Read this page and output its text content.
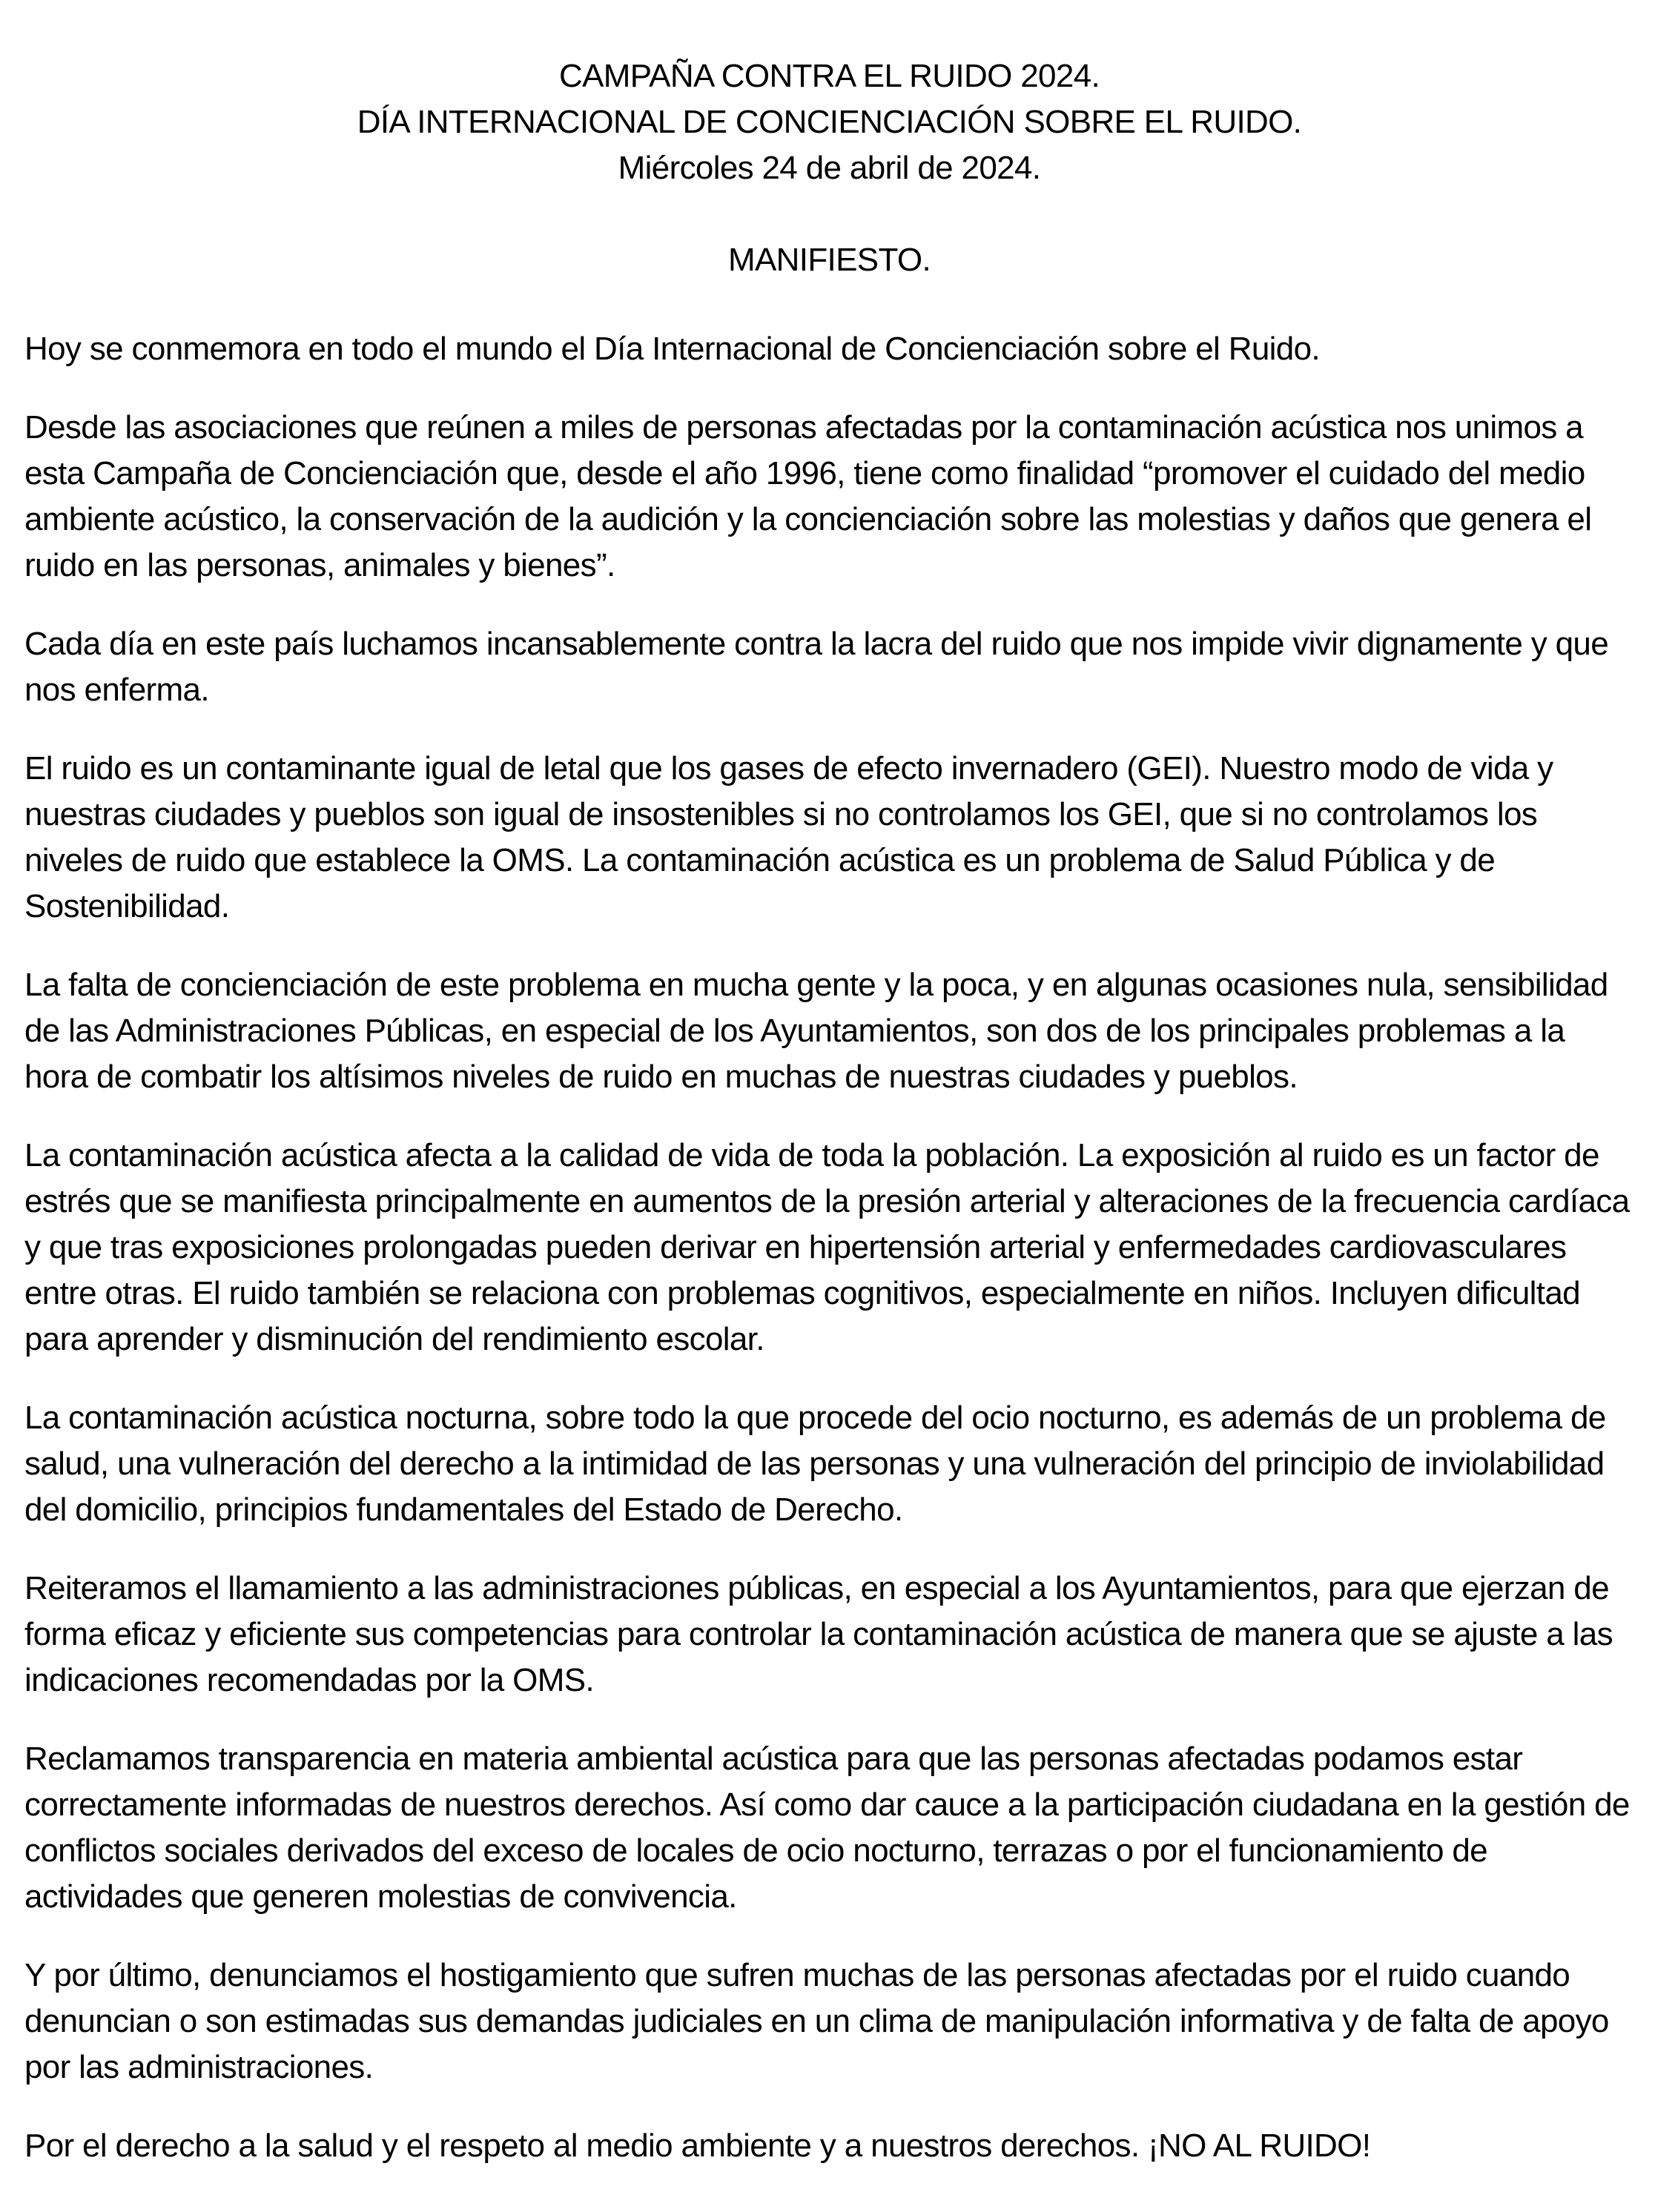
CAMPAÑA CONTRA EL RUIDO 2024.

DÍA INTERNACIONAL DE CONCIENCIACIÓN SOBRE EL RUIDO.

Miércoles 24 de abril de 2024.

MANIFIESTO.

Hoy se conmemora en todo el mundo el Día Internacional de Concienciación sobre el Ruido.

Desde las asociaciones que reúnen a miles de personas afectadas por la contaminación acústica nos unimos a esta Campaña de Concienciación que, desde el año 1996, tiene como finalidad “promover el cuidado del medio ambiente acústico, la conservación de la audición y la concienciación sobre las molestias y daños que genera el ruido en las personas, animales y bienes”.

Cada día en este país luchamos incansablemente contra la lacra del ruido que nos impide vivir dignamente y que nos enferma.

El ruido es un contaminante igual de letal que los gases de efecto invernadero (GEI). Nuestro modo de vida y nuestras ciudades y pueblos son igual de insostenibles si no controlamos los GEI, que si no controlamos los niveles de ruido que establece la OMS. La contaminación acústica es un problema de Salud Pública y de Sostenibilidad.

La falta de concienciación de este problema en mucha gente y la poca, y en algunas ocasiones nula, sensibilidad de las Administraciones Públicas, en especial de los Ayuntamientos, son dos de los principales problemas a la hora de combatir los altísimos niveles de ruido en muchas de nuestras ciudades y pueblos.

La contaminación acústica afecta a la calidad de vida de toda la población. La exposición al ruido es un factor de estrés que se manifiesta principalmente en aumentos de la presión arterial y alteraciones de la frecuencia cardíaca y que tras exposiciones prolongadas pueden derivar en hipertensión arterial y enfermedades cardiovasculares entre otras. El ruido también se relaciona con problemas cognitivos, especialmente en niños. Incluyen dificultad para aprender y disminución del rendimiento escolar.

La contaminación acústica nocturna, sobre todo la que procede del ocio nocturno, es además de un problema de salud, una vulneración del derecho a la intimidad de las personas y una vulneración del principio de inviolabilidad del domicilio, principios fundamentales del Estado de Derecho.

Reiteramos el llamamiento a las administraciones públicas, en especial a los Ayuntamientos, para que ejerzan de forma eficaz y eficiente sus competencias para controlar la contaminación acústica de manera que se ajuste a las indicaciones recomendadas por la OMS.

Reclamamos transparencia en materia ambiental acústica para que las personas afectadas podamos estar correctamente informadas de nuestros derechos. Así como dar cauce a la participación ciudadana en la gestión de conflictos sociales derivados del exceso de locales de ocio nocturno, terrazas o por el funcionamiento de actividades que generen molestias de convivencia.

Y por último, denunciamos el hostigamiento que sufren muchas de las personas afectadas por el ruido cuando denuncian o son estimadas sus demandas judiciales en un clima de manipulación informativa y de falta de apoyo por las administraciones.

Por el derecho a la salud y el respeto al medio ambiente y a nuestros derechos. ¡NO AL RUIDO!
